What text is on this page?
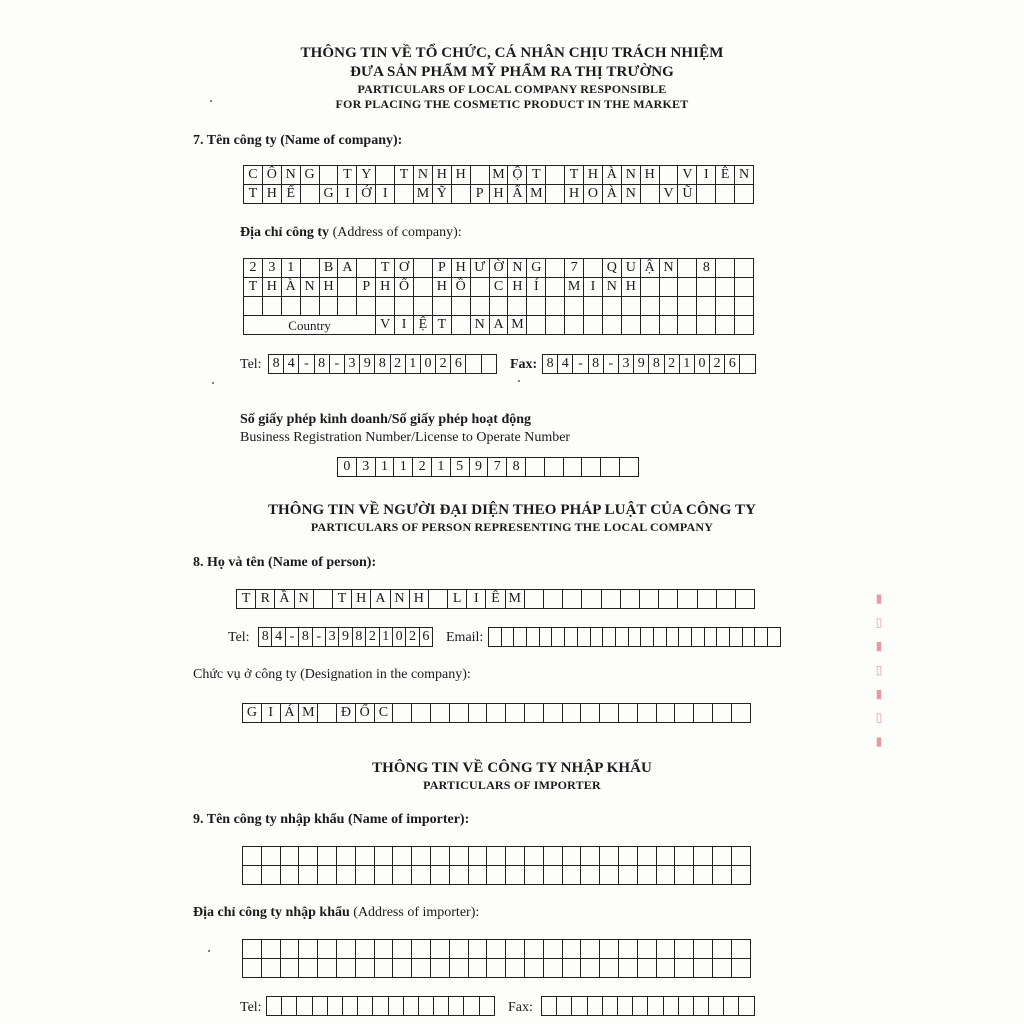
THÔNG TIN VỀ TỔ CHỨC, CÁ NHÂN CHỊU TRÁCH NHIỆM
ĐƯA SẢN PHẨM MỸ PHẨM RA THỊ TRƯỜNG
PARTICULARS OF LOCAL COMPANY RESPONSIBLE
FOR PLACING THE COSMETIC PRODUCT IN THE MARKET
7. Tên công ty (Name of company):
C Ô N G	T Y	T N H H	M Ộ T	T H À N H	V I Ê N
T H Ế	G I Ớ I	M Ỹ	P H Ẩ M H O À N	V Ũ
Địa chỉ công ty (Address of company):
2 3 1	B A	T Ơ	P H Ư Ờ N G	7	Q U Ậ N	8
T H À N H	P H Ố	H Ồ	C H Í	M I N H
Country	V I Ệ T	N A M
Tel: 8 4 - 8 - 3 9 8 2 1 0 2 6	Fax: 8 4 - 8 - 3 9 8 2 1 0 2 6
Số giấy phép kinh doanh/Số giấy phép hoạt động
Business Registration Number/License to Operate Number
0 3 1 1 2 1 5 9 7 8
THÔNG TIN VỀ NGƯỜI ĐẠI DIỆN THEO PHÁP LUẬT CỦA CÔNG TY
PARTICULARS OF PERSON REPRESENTING THE LOCAL COMPANY
8. Họ và tên (Name of person):
T R Ầ N	T H A N H	L I Ê M
Tel: 8 4 - 8 - 3 9 8 2 1 0 2 6 Email:
Chức vụ ở công ty (Designation in the company):
G I Á M Đ Ố C
THÔNG TIN VỀ CÔNG TY NHẬP KHẨU
PARTICULARS OF IMPORTER
9. Tên công ty nhập khẩu (Name of importer):
Địa chỉ công ty nhập khẩu (Address of importer):
Tel:	Fax:
▮ ▯ ▮ ▯ ▮ ▯ ▮
